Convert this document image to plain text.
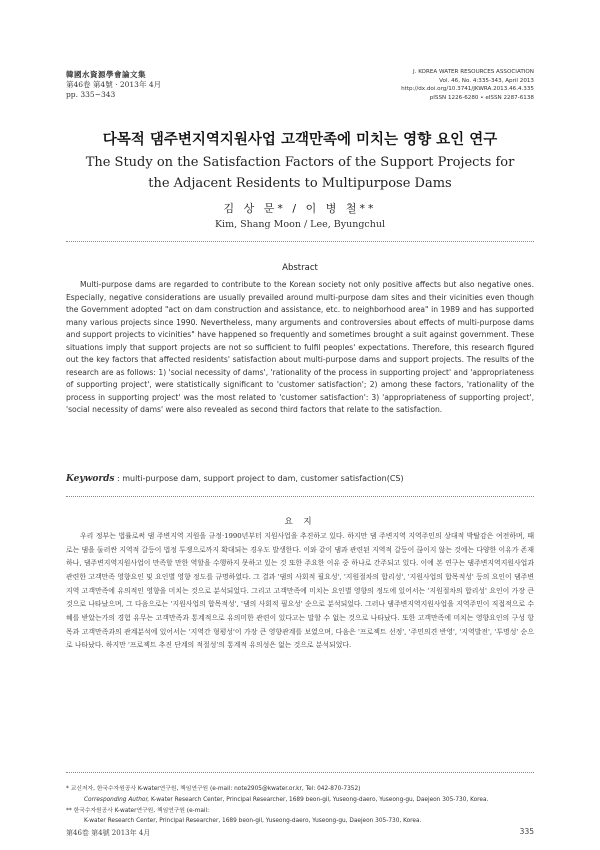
韓國水資源學會論文集
第46卷 第4號 · 2013年 4月
pp. 335~343
J. KOREA WATER RESOURCES ASSOCIATION
Vol. 46, No. 4:335-343, April 2013
http://dx.doi.org/10.3741/JKWRA.2013.46.4.335
pISSN 1226-6280 • eISSN 2287-6138
다목적 댐주변지역지원사업 고객만족에 미치는 영향 요인 연구
The Study on the Satisfaction Factors of the Support Projects for
the Adjacent Residents to Multipurpose Dams
김 상 문* / 이 병 철**
Kim, Shang Moon / Lee, Byungchul
Abstract

Multi-purpose dams are regarded to contribute to the Korean society not only positive affects but also negative ones. Especially, negative considerations are usually prevailed around multi-purpose dam sites and their vicinities even though the Government adopted "act on dam construction and assistance, etc. to neighborhood area" in 1989 and has supported many various projects since 1990. Nevertheless, many arguments and controversies about effects of multi-purpose dams and support projects to vicinities" have happened so frequently and sometimes brought a suit against government. These situations imply that support projects are not so sufficient to fulfil peoples' expectations. Therefore, this research figured out the key factors that affected residents' satisfaction about multi-purpose dams and support projects. The results of the research are as follows: 1) 'social necessity of dams', 'rationality of the process in supporting project' and 'appropriateness of supporting project', were statistically significant to 'customer satisfaction'; 2) among these factors, 'rationality of the process in supporting project' was the most related to 'customer satisfaction': 3) 'appropriateness of supporting project', 'social necessity of dams' were also revealed as second third factors that relate to the satisfaction.

Keywords : multi-purpose dam, support project to dam, customer satisfaction(CS)
요 지

우리 정부는 법률로써 댐 주변지역 지원을 규정·1990년부터 지원사업을 추진하고 있다. 하지만 댐 주변지역 지역주민의 상대적 박탈감은 여전하며, 때로는 댐을 둘러싼 지역적 갈등이 법정 투쟁으로까지 확대되는 경우도 발생한다. 이와 같이 댐과 관련된 지역적 갈등이 끊이지 않는 것에는 다양한 이유가 존재하나, 댐주변지역지원사업이 만족할 만한 역할을 수행하지 못하고 있는 것 또한 주요한 이유 중 하나로 간주되고 있다. 이에 본 연구는 댐주변지역지원사업과 관련한 고객만족 영향요인 및 요인별 영향 정도를 규명하였다. 그 결과 '댐의 사회적 필요성', '지원절차의 합리성', '지원사업의 합목적성' 등의 요인이 댐주변지역 고객만족에 유의적인 영향을 미치는 것으로 분석되었다. 그리고 고객만족에 미치는 요인별 영향의 정도에 있어서는 '지원절차의 합리성' 요인이 가장 큰 것으로 나타났으며, 그 다음으로는 '지원사업의 합목적성', '댐의 사회적 필요성' 순으로 분석되었다. 그러나 댐주변지역지원사업을 지역주민이 직접적으로 수혜를 받았는가의 경험 유무는 고객만족과 통계적으로 유의미한 관련이 있다고는 말할 수 없는 것으로 나타났다. 또한 고객만족에 미치는 영향요인의 구성 항목과 고객만족과의 관계분석에 있어서는 '지역간 형평성'이 가장 큰 영향관계를 보였으며, 다음은 '프로젝트 선정', '주민의견 반영', '지역발전', '투명성' 순으로 나타났다. 하지만 '프로젝트 추진 단계의 적절성'의 통계적 유의성은 없는 것으로 분석되었다.

* 교신저자, 한국수자원공사 K-water연구원, 책임연구원 (e-mail: note2905@kwater.or.kr, Tel: 042-870-7352)
Corresponding Author, K-water Research Center, Principal Researcher, 1689 beon-gil, Yuseong-daero, Yuseong-gu, Daejeon 305-730, Korea.
** 한국수자원공사 K-water연구원, 책임연구원 (e-mail:
K-water Research Center, Principal Researcher, 1689 beon-gil, Yuseong-daero, Yuseong-gu, Daejeon 305-730, Korea.
第46卷 第4號 2013年 4月	335
